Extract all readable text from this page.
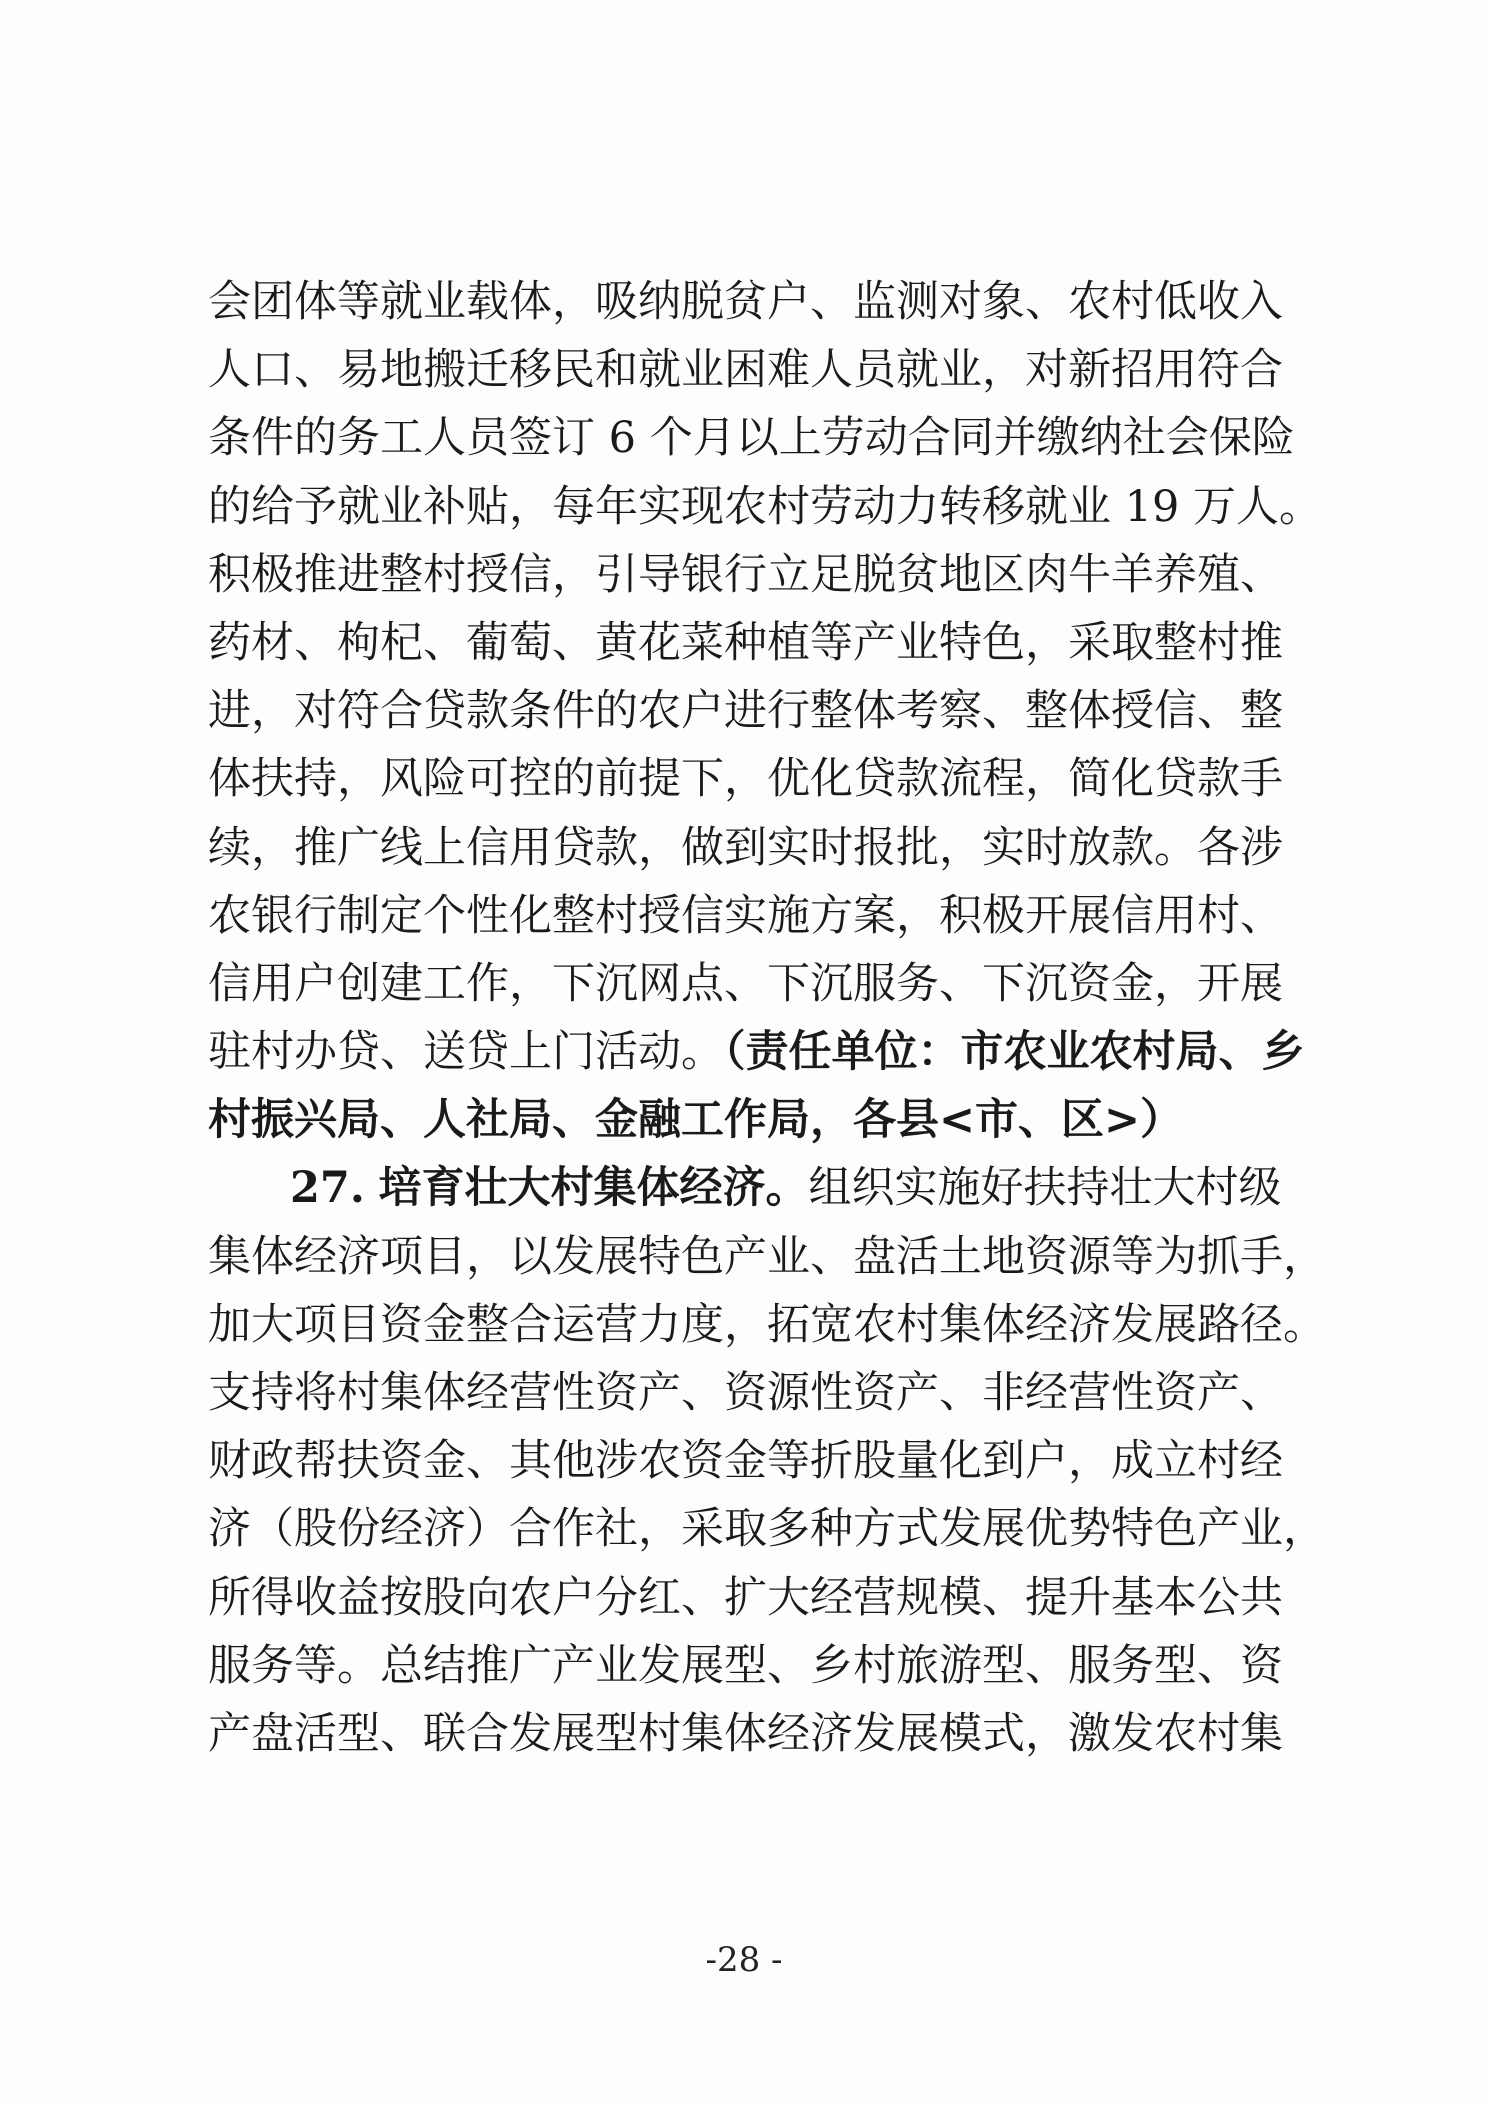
会团体等就业载体，吸纳脱贫户、监测对象、农村低收入
人口、易地搬迁移民和就业困难人员就业，对新招用符合
条件的务工人员签订 6 个月以上劳动合同并缴纳社会保险
的给予就业补贴，每年实现农村劳动力转移就业 19 万人。
积极推进整村授信，引导银行立足脱贫地区肉牛羊养殖、
药材、枸杞、葡萄、黄花菜种植等产业特色，采取整村推
进，对符合贷款条件的农户进行整体考察、整体授信、整
体扶持，风险可控的前提下，优化贷款流程，简化贷款手
续，推广线上信用贷款，做到实时报批，实时放款。各涉
农银行制定个性化整村授信实施方案，积极开展信用村、
信用户创建工作，下沉网点、下沉服务、下沉资金，开展
驻村办贷、送贷上门活动。（责任单位：市农业农村局、乡
村振兴局、人社局、金融工作局，各县<市、区>）
27. 培育壮大村集体经济。组织实施好扶持壮大村级
集体经济项目，以发展特色产业、盘活土地资源等为抓手，
加大项目资金整合运营力度，拓宽农村集体经济发展路径。
支持将村集体经营性资产、资源性资产、非经营性资产、
财政帮扶资金、其他涉农资金等折股量化到户，成立村经
济（股份经济）合作社，采取多种方式发展优势特色产业，
所得收益按股向农户分红、扩大经营规模、提升基本公共
服务等。总结推广产业发展型、乡村旅游型、服务型、资
产盘活型、联合发展型村集体经济发展模式，激发农村集
-28 -
